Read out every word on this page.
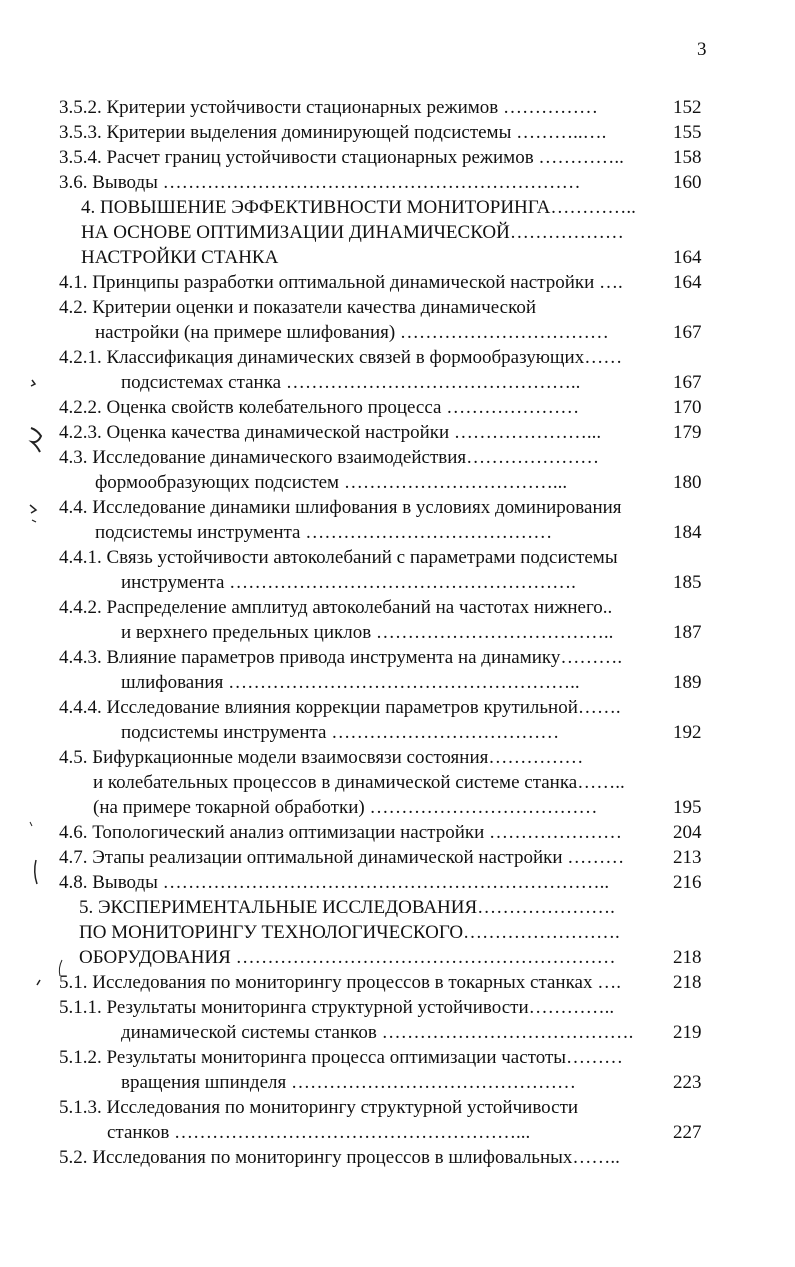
3
3.5.2. Критерии устойчивости стационарных режимов ……………	152
3.5.3. Критерии выделения доминирующей подсистемы ………..….	155
3.5.4. Расчет границ устойчивости стационарных режимов …………..	158
3.6. Выводы …………………………………………………………	160
4. ПОВЫШЕНИЕ ЭФФЕКТИВНОСТИ МОНИТОРИНГА…………..
НА ОСНОВЕ ОПТИМИЗАЦИИ ДИНАМИЧЕСКОЙ………………
НАСТРОЙКИ СТАНКА	164
4.1. Принципы разработки оптимальной динамической настройки ….	164
4.2. Критерии оценки и показатели качества динамической
настройки (на примере шлифования) ……………………………	167
4.2.1. Классификация динамических связей в формообразующих……
подсистемах станка ………………………………………..	167
4.2.2. Оценка свойств колебательного процесса …………………	170
4.2.3. Оценка качества динамической настройки …………………...	179
4.3. Исследование динамического взаимодействия…………………
формообразующих подсистем ……………………………...	180
4.4. Исследование динамики шлифования в условиях доминирования
подсистемы инструмента …………………………………	184
4.4.1. Связь устойчивости автоколебаний с параметрами подсистемы
инструмента ……………………………………………….	185
4.4.2. Распределение амплитуд автоколебаний на частотах нижнего..
и верхнего предельных циклов ………………………………..	187
4.4.3. Влияние параметров привода инструмента на динамику……….
шлифования ………………………………………………..	189
4.4.4. Исследование влияния коррекции параметров крутильной…….
подсистемы инструмента ………………………………	192
4.5. Бифуркационные модели взаимосвязи состояния……………
и колебательных процессов в динамической системе станка……..
(на примере токарной обработки) ………………………………	195
4.6. Топологический анализ оптимизации настройки …………………	204
4.7. Этапы реализации оптимальной динамической настройки ………	213
4.8. Выводы ……………………………………………………………..	216
5. ЭКСПЕРИМЕНТАЛЬНЫЕ ИССЛЕДОВАНИЯ………………….
ПО МОНИТОРИНГУ ТЕХНОЛОГИЧЕСКОГО…………………….
ОБОРУДОВАНИЯ ……………………………………………………	218
5.1. Исследования по мониторингу процессов в токарных станках ….	218
5.1.1. Результаты мониторинга структурной устойчивости…………..
динамической системы станков ………………………………….	219
5.1.2. Результаты мониторинга процесса оптимизации частоты………
вращения шпинделя ………………………………………	223
5.1.3. Исследования по мониторингу структурной устойчивости
станков ………………………………………………...	227
5.2. Исследования по мониторингу процессов в шлифовальных……..
